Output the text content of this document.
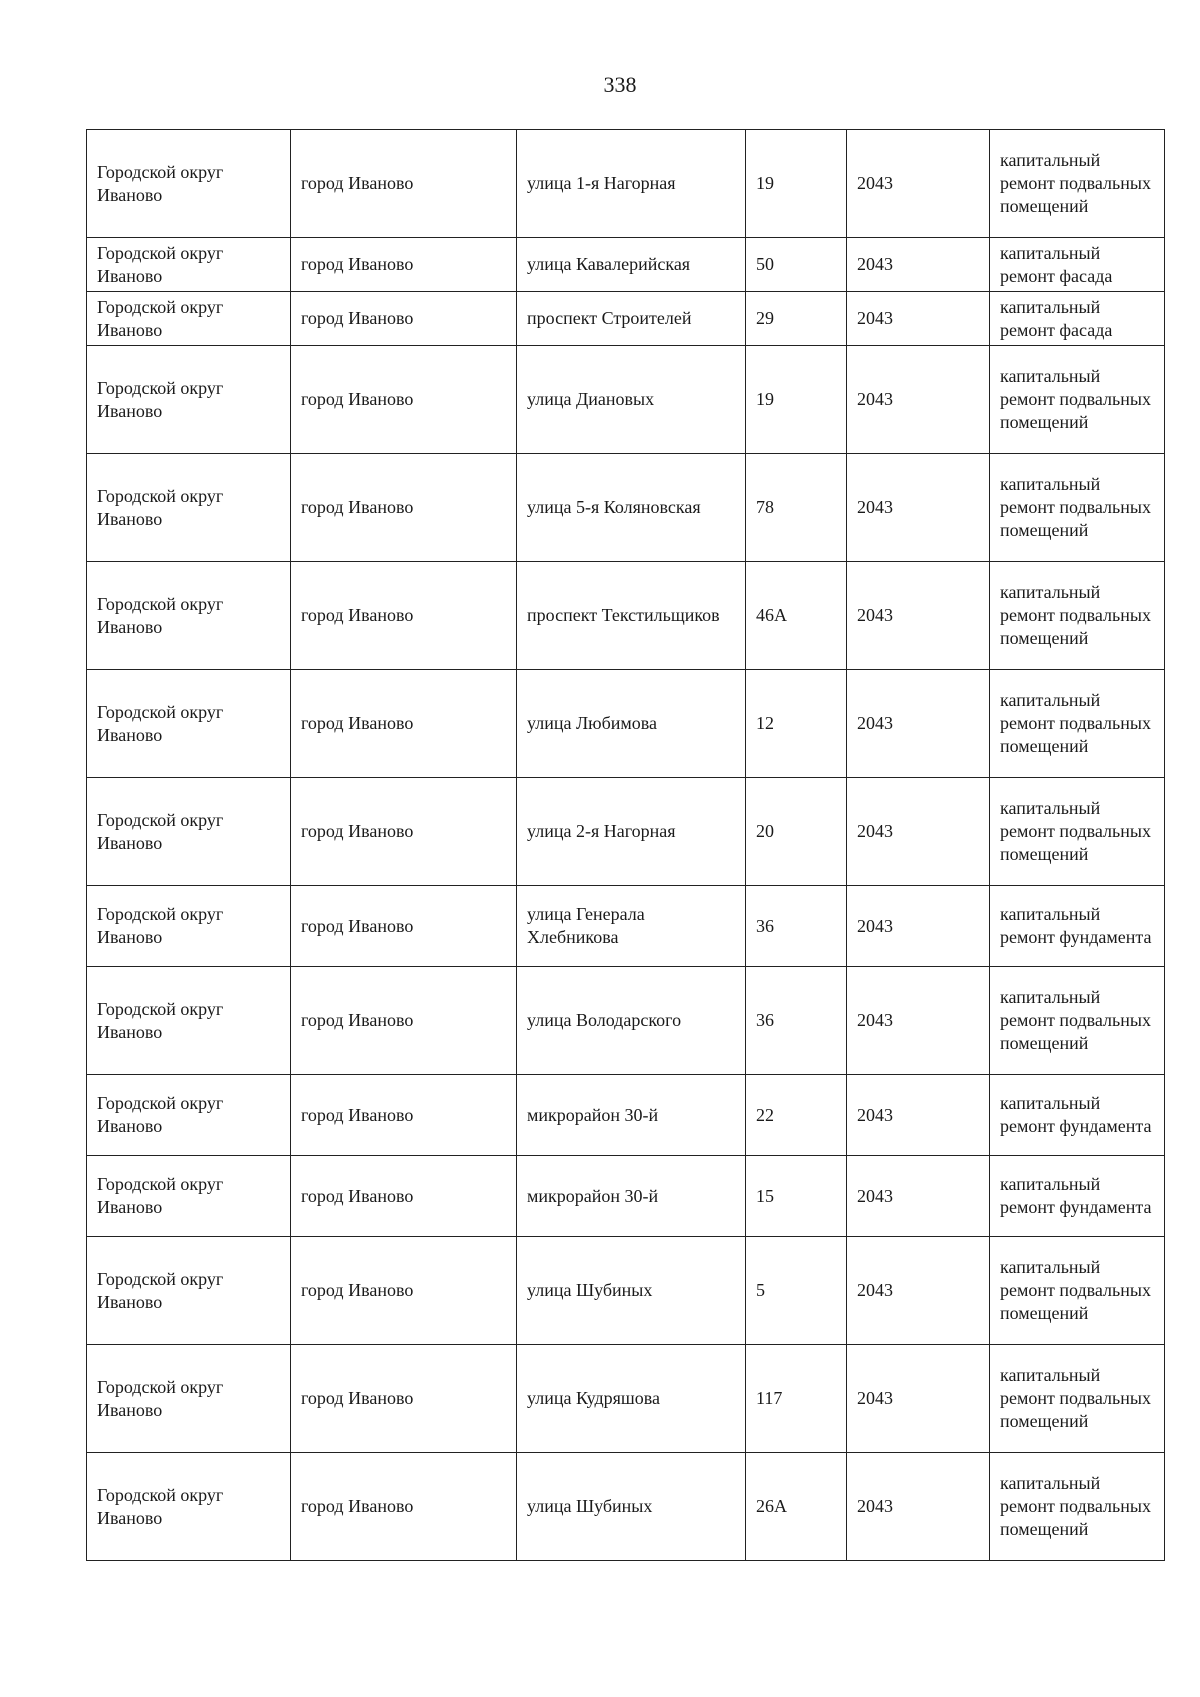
338
Городской округ Иваново	город Иваново	улица 1-я Нагорная	19	2043	капитальный ремонт подвальных помещений
Городской округ Иваново	город Иваново	улица Кавалерийская	50	2043	капитальный ремонт фасада
Городской округ Иваново	город Иваново	проспект Строителей	29	2043	капитальный ремонт фасада
Городской округ Иваново	город Иваново	улица Диановых	19	2043	капитальный ремонт подвальных помещений
Городской округ Иваново	город Иваново	улица 5-я Коляновская	78	2043	капитальный ремонт подвальных помещений
Городской округ Иваново	город Иваново	проспект Текстильщиков	46А	2043	капитальный ремонт подвальных помещений
Городской округ Иваново	город Иваново	улица Любимова	12	2043	капитальный ремонт подвальных помещений
Городской округ Иваново	город Иваново	улица 2-я Нагорная	20	2043	капитальный ремонт подвальных помещений
Городской округ Иваново	город Иваново	улица Генерала Хлебникова	36	2043	капитальный ремонт фундамента
Городской округ Иваново	город Иваново	улица Володарского	36	2043	капитальный ремонт подвальных помещений
Городской округ Иваново	город Иваново	микрорайон 30-й	22	2043	капитальный ремонт фундамента
Городской округ Иваново	город Иваново	микрорайон 30-й	15	2043	капитальный ремонт фундамента
Городской округ Иваново	город Иваново	улица Шубиных	5	2043	капитальный ремонт подвальных помещений
Городской округ Иваново	город Иваново	улица Кудряшова	117	2043	капитальный ремонт подвальных помещений
Городской округ Иваново	город Иваново	улица Шубиных	26А	2043	капитальный ремонт подвальных помещений
